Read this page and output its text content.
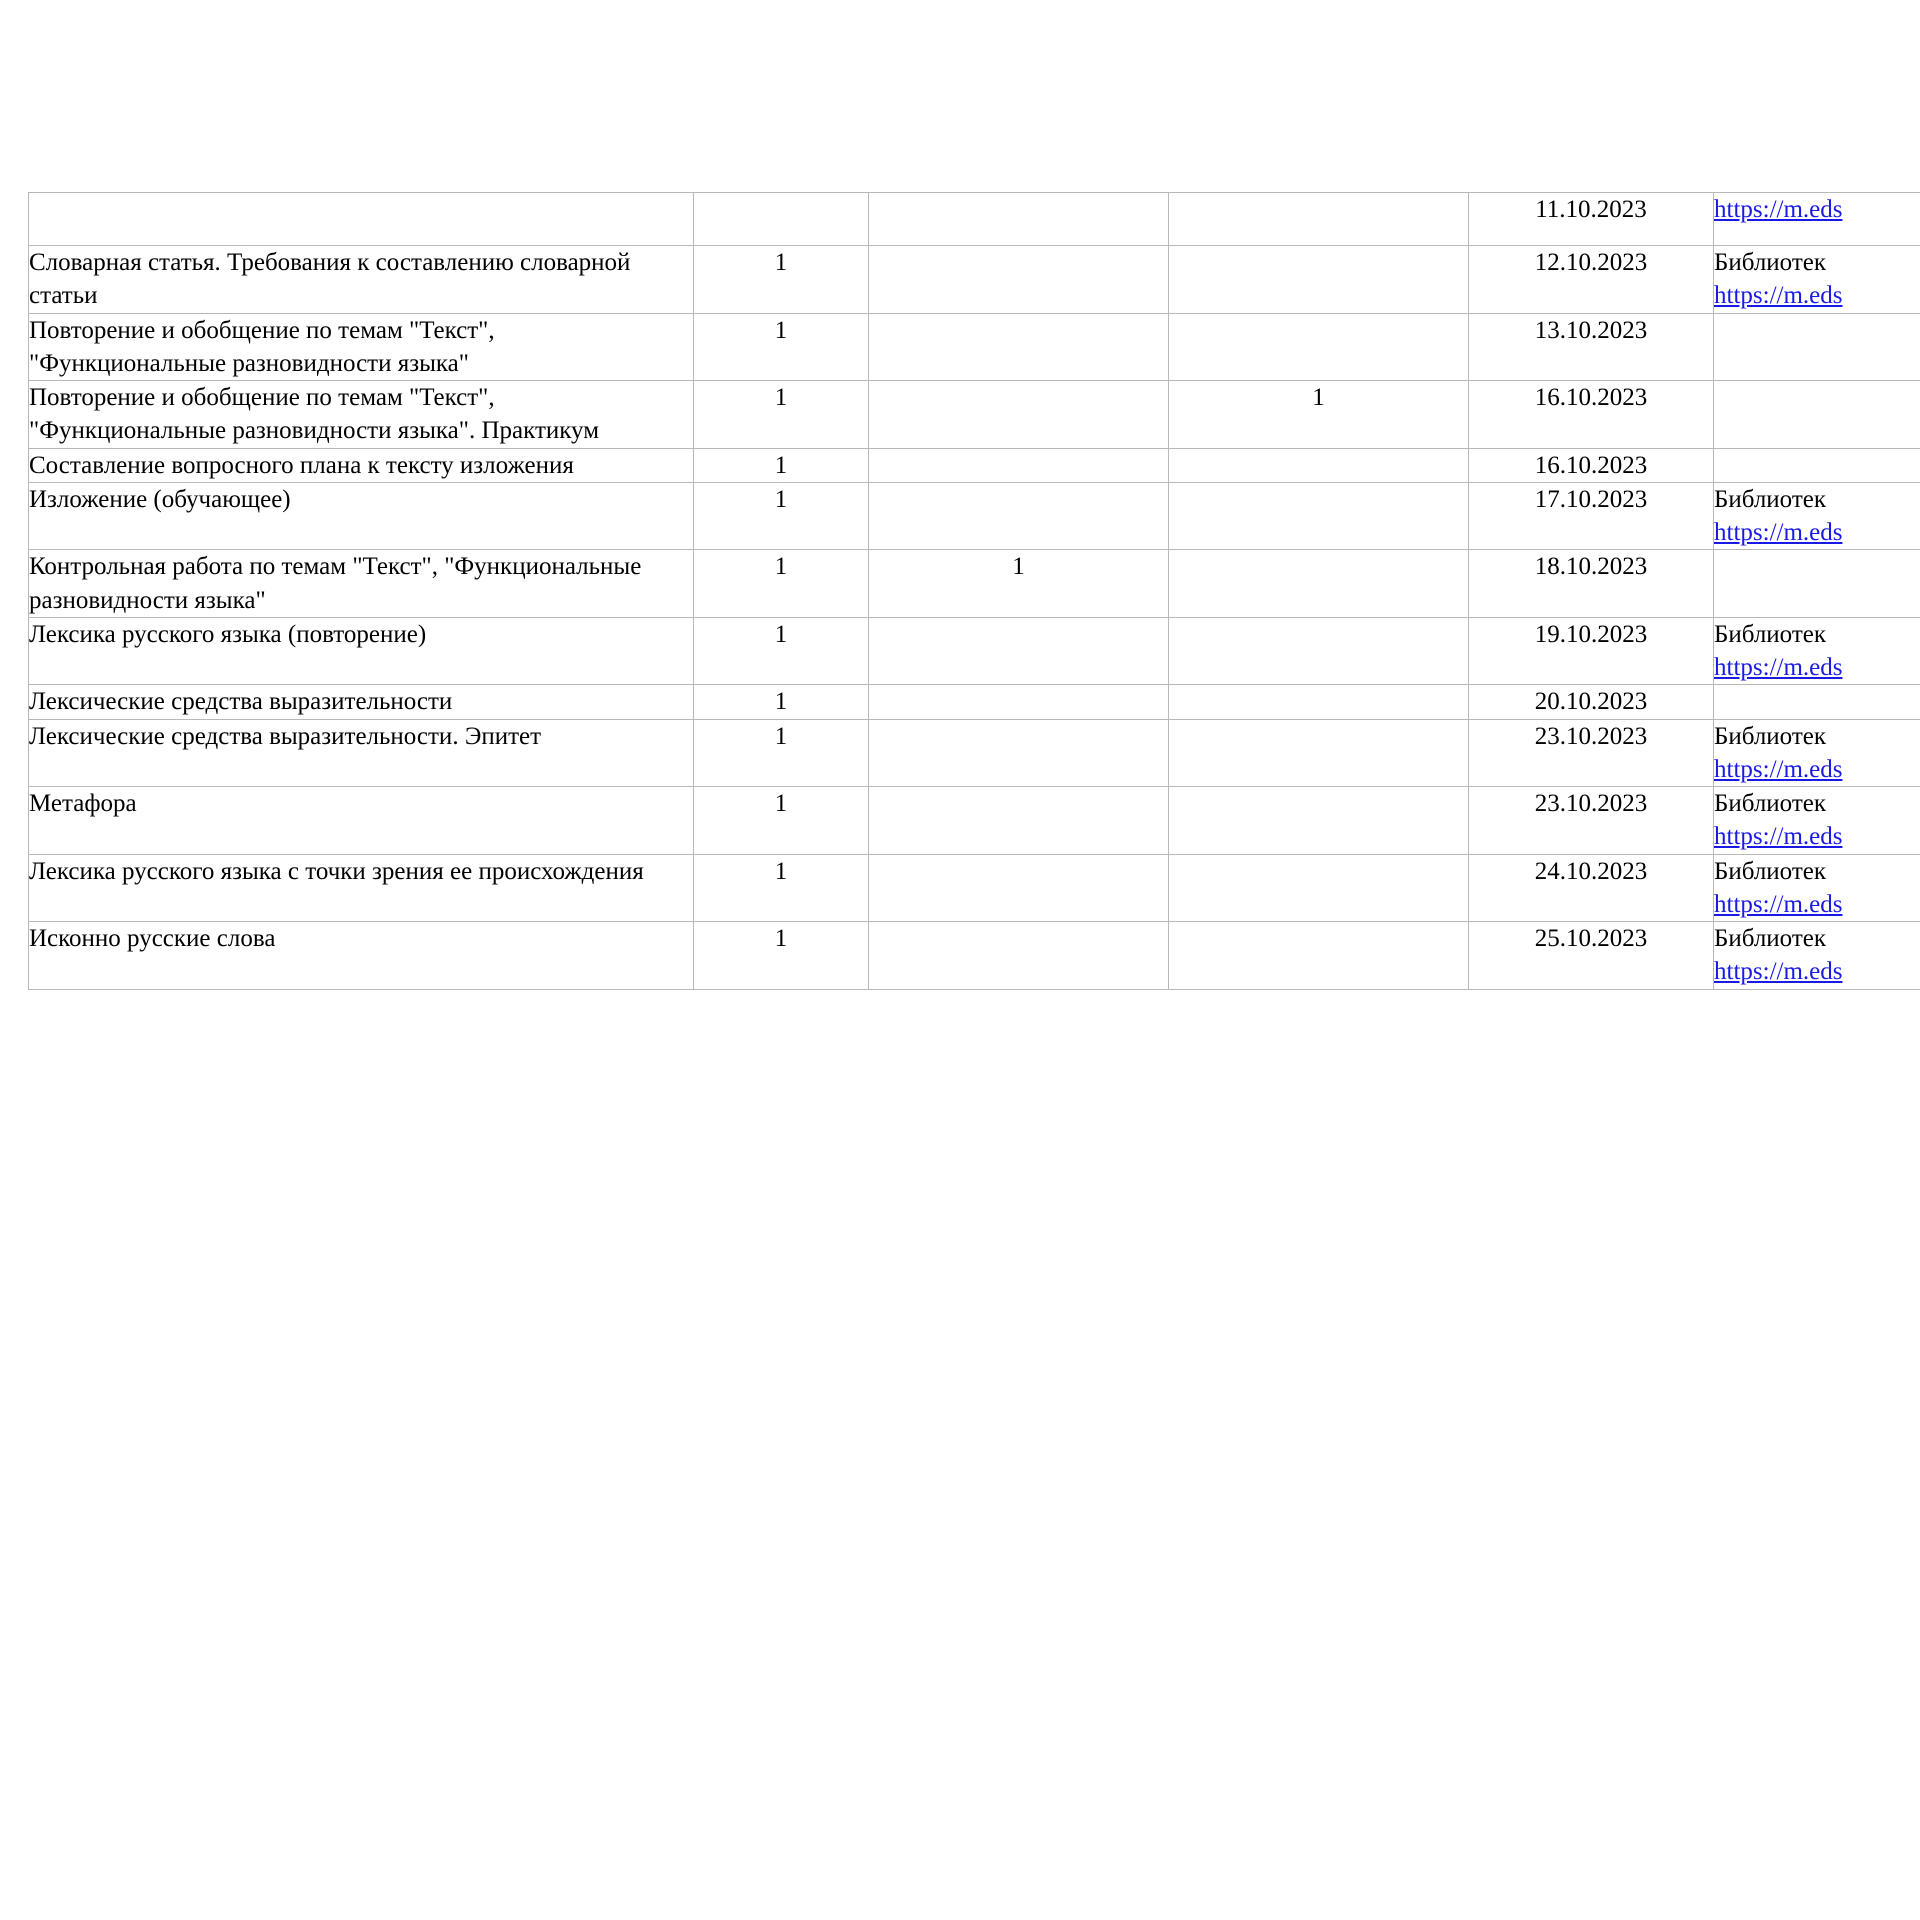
				11.10.2023	https://m.eds

Словарная статья. Требования к составлению словарной статьи	1			12.10.2023	Библиотек
https://m.eds

Повторение и обобщение по темам "Текст", "Функциональные разновидности языка"	1			13.10.2023	

Повторение и обобщение по темам "Текст", "Функциональные разновидности языка". Практикум	1		1	16.10.2023	

Составление вопросного плана к тексту изложения	1			16.10.2023	

Изложение (обучающее)	1			17.10.2023	Библиотек
https://m.eds

Контрольная работа по темам "Текст", "Функциональные разновидности языка"	1	1		18.10.2023	

Лексика русского языка (повторение)	1			19.10.2023	Библиотек
https://m.eds

Лексические средства выразительности	1			20.10.2023	

Лексические средства выразительности. Эпитет	1			23.10.2023	Библиотек
https://m.eds

Метафора	1			23.10.2023	Библиотек
https://m.eds

Лексика русского языка с точки зрения ее происхождения	1			24.10.2023	Библиотек
https://m.eds

Исконно русские слова	1			25.10.2023	Библиотек
https://m.eds
